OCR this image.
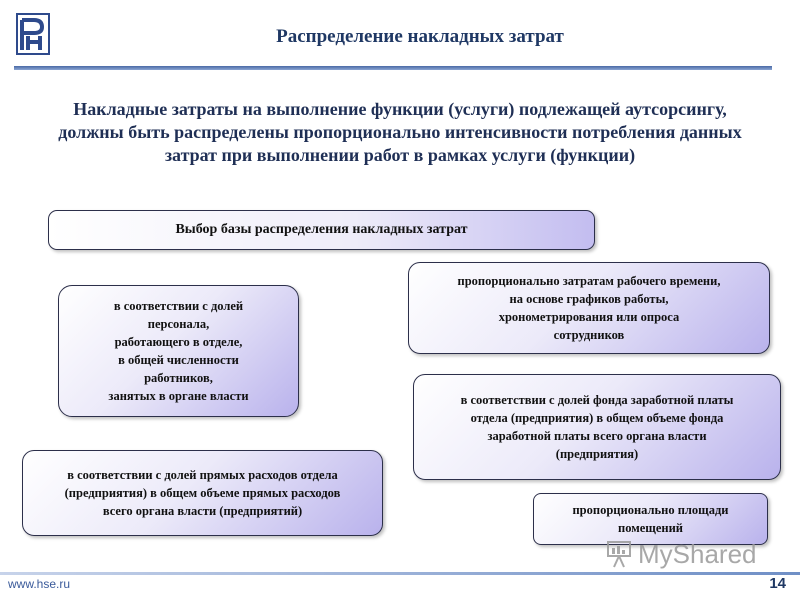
Распределение накладных затрат
Накладные затраты на выполнение функции (услуги) подлежащей аутсорсингу, должны быть распределены пропорционально интенсивности потребления данных затрат при выполнении работ в рамках услуги (функции)
Выбор базы распределения накладных затрат
в соответствии с долей
персонала,
работающего в отделе,
в общей численности
работников,
занятых в органе власти
пропорционально затратам рабочего времени,
на основе графиков работы,
хронометрирования или опроса
сотрудников
в соответствии с долей фонда заработной платы
отдела (предприятия) в общем объеме фонда
заработной платы всего органа власти
(предприятия)
в соответствии с долей прямых расходов отдела
(предприятия) в общем объеме прямых расходов
всего органа власти (предприятий)	пропорционально площади
помещений
MyShared
www.hse.ru	14
